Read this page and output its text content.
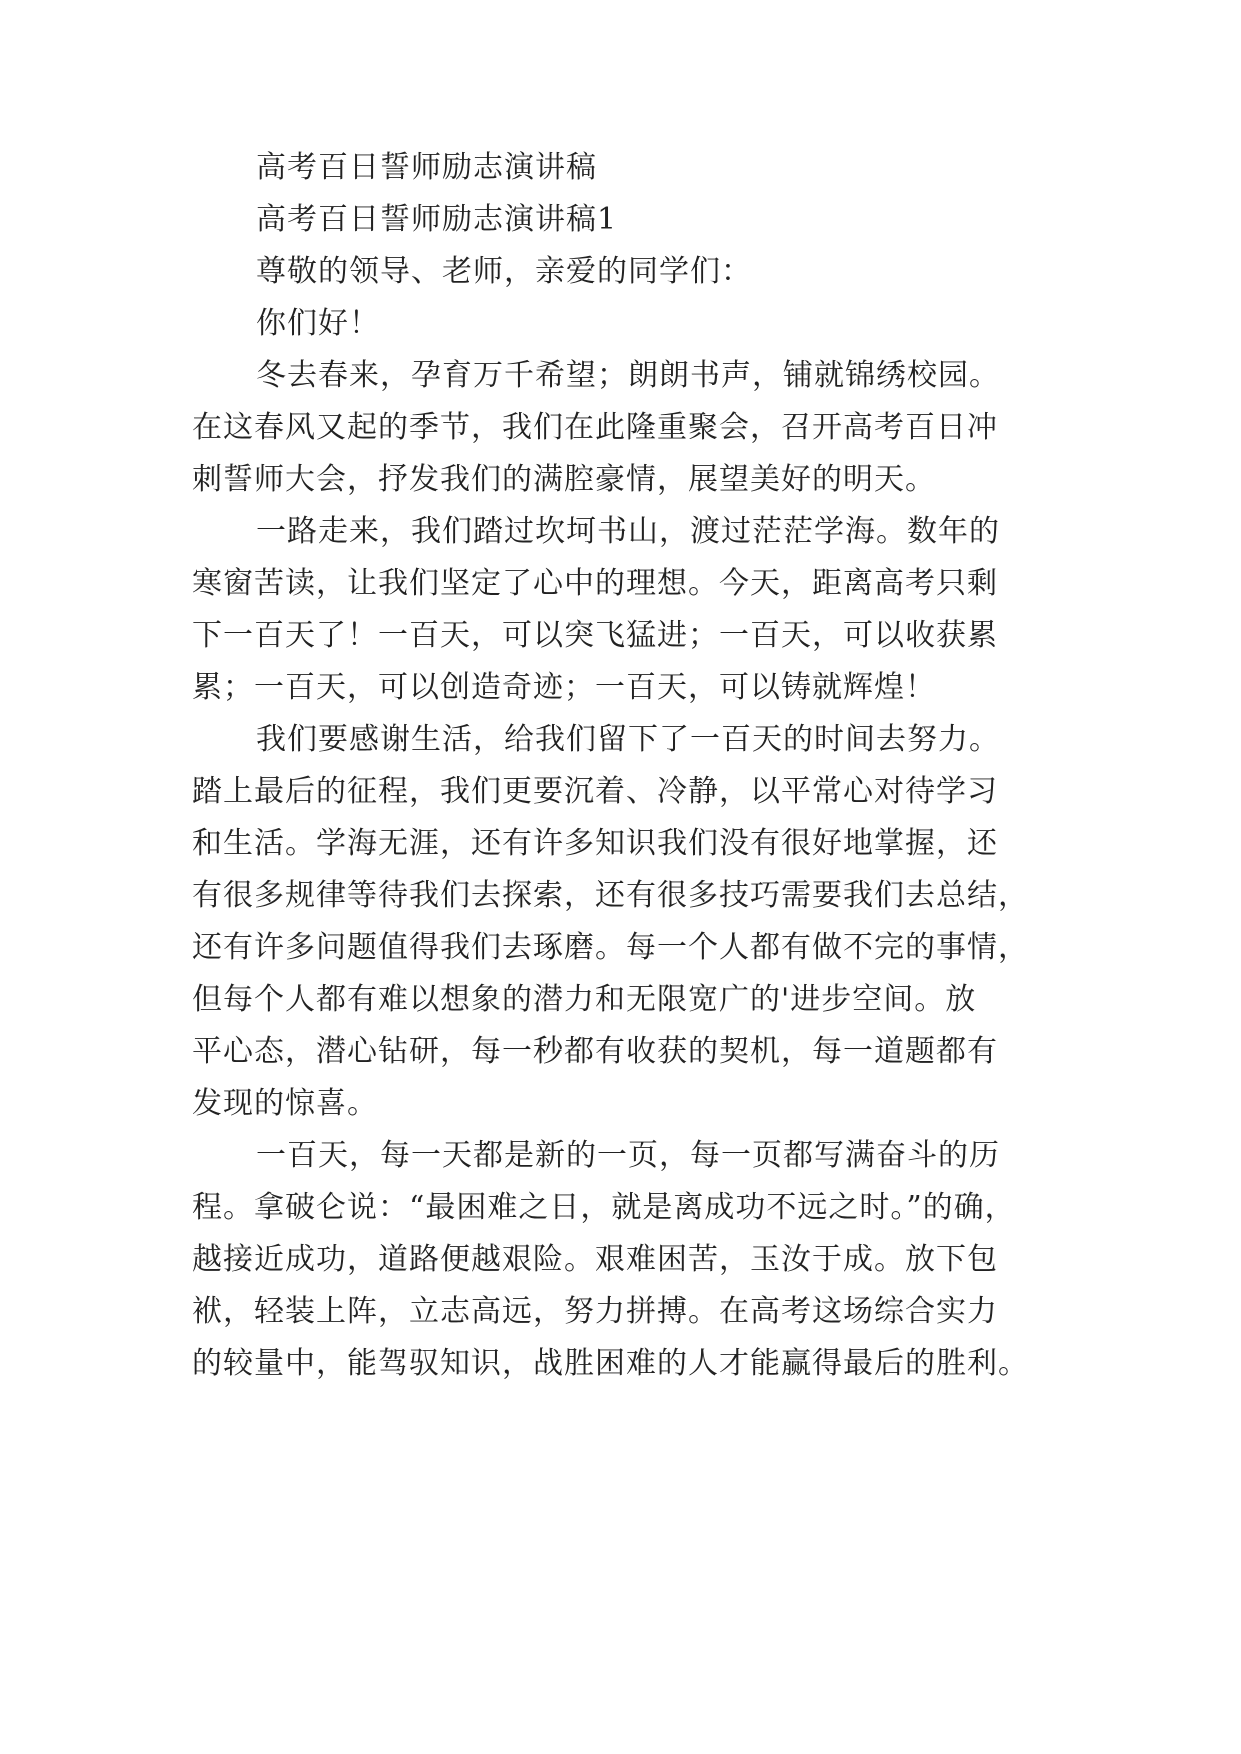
高考百日誓师励志演讲稿
高考百日誓师励志演讲稿1
尊敬的领导、老师，亲爱的同学们：
你们好！
冬去春来，孕育万千希望；朗朗书声，铺就锦绣校园。
在这春风又起的季节，我们在此隆重聚会，召开高考百日冲
刺誓师大会，抒发我们的满腔豪情，展望美好的明天。
一路走来，我们踏过坎坷书山，渡过茫茫学海。数年的
寒窗苦读，让我们坚定了心中的理想。今天，距离高考只剩
下一百天了！一百天，可以突飞猛进；一百天，可以收获累
累；一百天，可以创造奇迹；一百天，可以铸就辉煌！
我们要感谢生活，给我们留下了一百天的时间去努力。
踏上最后的征程，我们更要沉着、冷静，以平常心对待学习
和生活。学海无涯，还有许多知识我们没有很好地掌握，还
有很多规律等待我们去探索，还有很多技巧需要我们去总结，
还有许多问题值得我们去琢磨。每一个人都有做不完的事情，
但每个人都有难以想象的潜力和无限宽广的'进步空间。放
平心态，潜心钻研，每一秒都有收获的契机，每一道题都有
发现的惊喜。
一百天，每一天都是新的一页，每一页都写满奋斗的历
程。拿破仑说：“最困难之日，就是离成功不远之时。”的确，
越接近成功，道路便越艰险。艰难困苦，玉汝于成。放下包
袱，轻装上阵，立志高远，努力拼搏。在高考这场综合实力
的较量中，能驾驭知识，战胜困难的人才能赢得最后的胜利。
